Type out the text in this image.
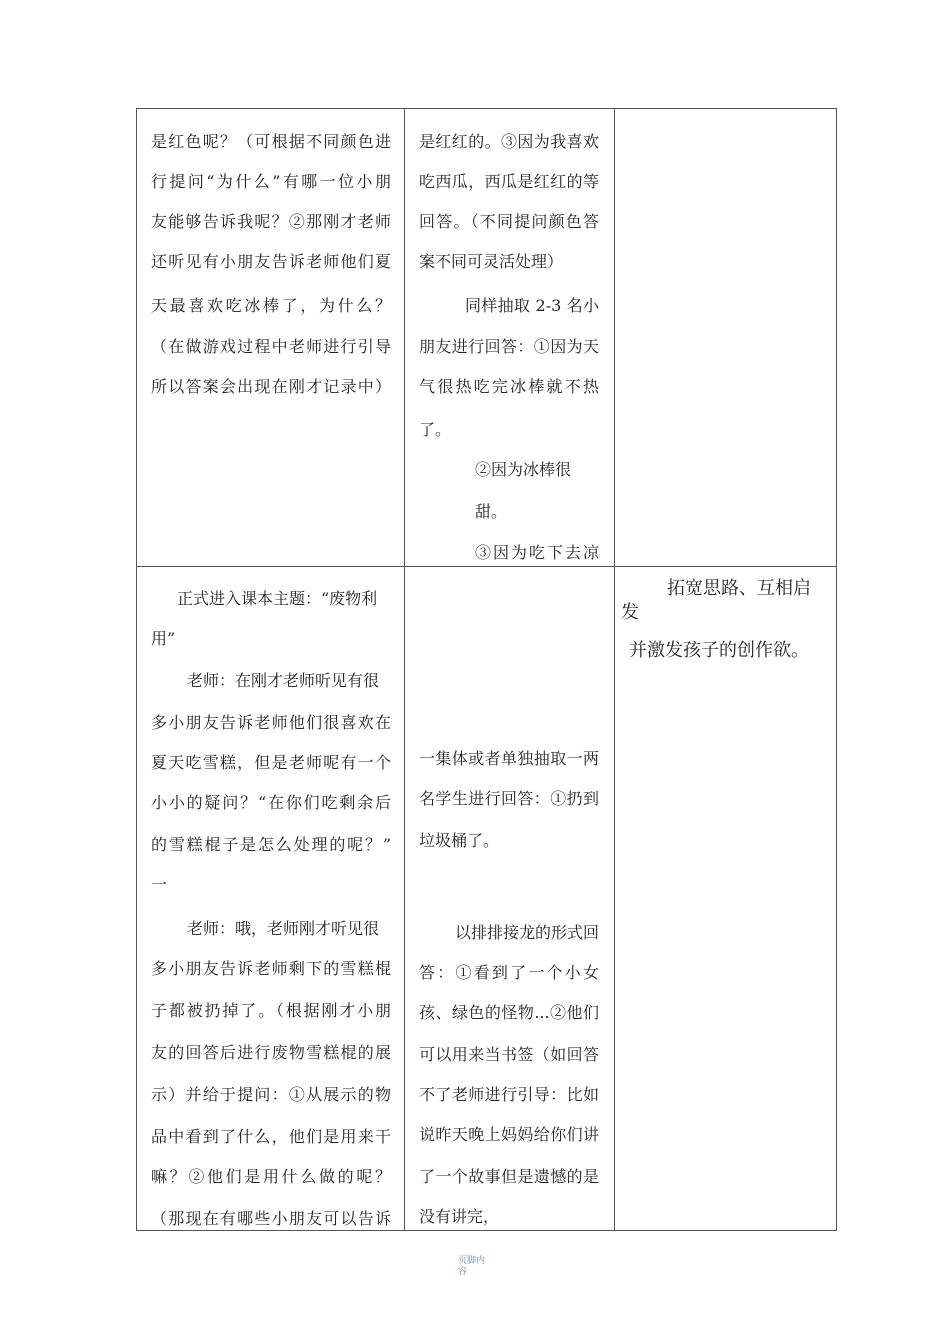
是红色呢？（可根据不同颜色进
行提问“为什么”有哪一位小朋
友能够告诉我呢？②那刚才老师
还听见有小朋友告诉老师他们夏
天最喜欢吃冰棒了，为什么？
（在做游戏过程中老师进行引导
所以答案会出现在刚才记录中）
是红红的。③因为我喜欢
吃西瓜，西瓜是红红的等
回答。（不同提问颜色答
案不同可灵活处理）
同样抽取 2-3 名小
朋友进行回答：①因为天
气很热吃完冰棒就不热
了。
②因为冰棒很
甜。
③因为吃下去凉
正式进入课本主题：“废物利
用”
老师：在刚才老师听见有很
多小朋友告诉老师他们很喜欢在
夏天吃雪糕，但是老师呢有一个
小小的疑问？“在你们吃剩余后
的雪糕棍子是怎么处理的呢？”
一
老师：哦，老师刚才听见很
多小朋友告诉老师剩下的雪糕棍
子都被扔掉了。（根据刚才小朋
友的回答后进行废物雪糕棍的展
示）并给于提问：①从展示的物
品中看到了什么，他们是用来干
嘛？②他们是用什么做的呢？
（那现在有哪些小朋友可以告诉
一集体或者单独抽取一两
名学生进行回答：①扔到
垃圾桶了。
以排排接龙的形式回
答：①看到了一个小女
孩、绿色的怪物...②他们
可以用来当书签（如回答
不了老师进行引导：比如
说昨天晚上妈妈给你们讲
了一个故事但是遗憾的是
没有讲完，
拓宽思路、互相启
发
并激发孩子的创作欲。
页脚内
容
